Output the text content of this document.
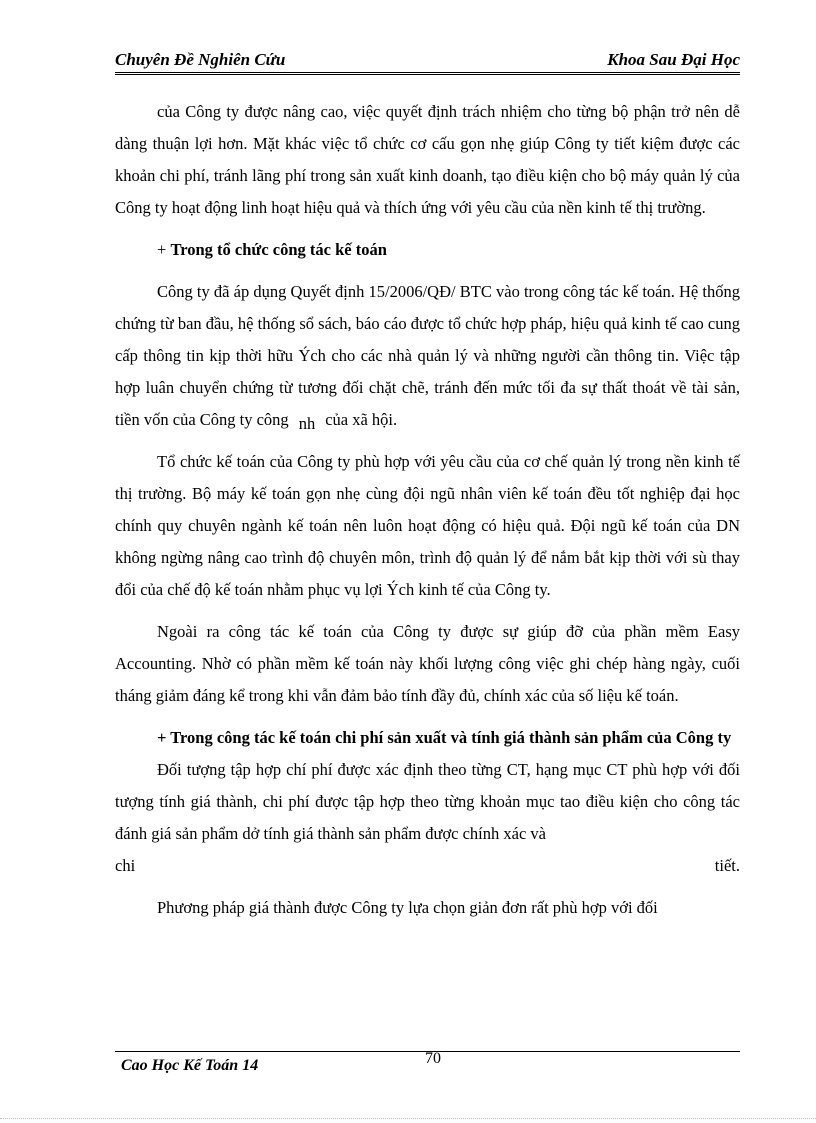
Chuyên Đề Nghiên Cứu	Khoa Sau Đại Học

của Công ty được nâng cao, việc quyết định trách nhiệm cho từng bộ phận trở nên dễ dàng thuận lợi hơn. Mặt khác việc tổ chức cơ cấu gọn nhẹ giúp Công ty tiết kiệm được các khoản chi phí, tránh lãng phí trong sản xuất kinh doanh, tạo điều kiện cho bộ máy quản lý của Công ty hoạt động linh hoạt hiệu quả và thích ứng với yêu cầu của nền kinh tế thị trường.

+ Trong tổ chức công tác kế toán

Công ty đã áp dụng Quyết định 15/2006/QĐ/ BTC vào trong công tác kế toán. Hệ thống chứng từ ban đầu, hệ thống sổ sách, báo cáo được tổ chức hợp pháp, hiệu quả kinh tế cao cung cấp thông tin kịp thời hữu Ých cho các nhà quản lý và những người cần thông tin. Việc tập hợp luân chuyển chứng từ tương đối chặt chẽ, tránh đến mức tối đa sự thất thoát về tài sản, tiền vốn của Công ty công nh của xã hội.

Tổ chức kế toán của Công ty phù hợp với yêu cầu của cơ chế quản lý trong nền kinh tế thị trường. Bộ máy kế toán gọn nhẹ cùng đội ngũ nhân viên kế toán đều tốt nghiệp đại học chính quy chuyên ngành kế toán nên luôn hoạt động có hiệu quả. Đội ngũ kế toán của DN không ngừng nâng cao trình độ chuyên môn, trình độ quản lý để nắm bắt kịp thời với sù thay đổi của chế độ kế toán nhằm phục vụ lợi Ých kinh tế của Công ty.

Ngoài ra công tác kế toán của Công ty được sự giúp đỡ của phần mềm Easy Accounting. Nhờ có phần mềm kế toán này khối lượng công việc ghi chép hàng ngày, cuối tháng giảm đáng kể trong khi vẫn đảm bảo tính đầy đủ, chính xác của số liệu kế toán.

+ Trong công tác kế toán chi phí sản xuất và tính giá thành sản phẩm của Công ty

Đối tượng tập hợp chí phí được xác định theo từng CT, hạng mục CT phù hợp với đối tượng tính giá thành, chi phí được tập hợp theo từng khoản mục tao điều kiện cho công tác đánh giá sản phẩm dở tính giá thành sản phẩm được chính xác và

chi	tiết.

Phương pháp giá thành được Công ty lựa chọn giản đơn rất phù hợp với đối

Cao Học Kế Toán 14	70
